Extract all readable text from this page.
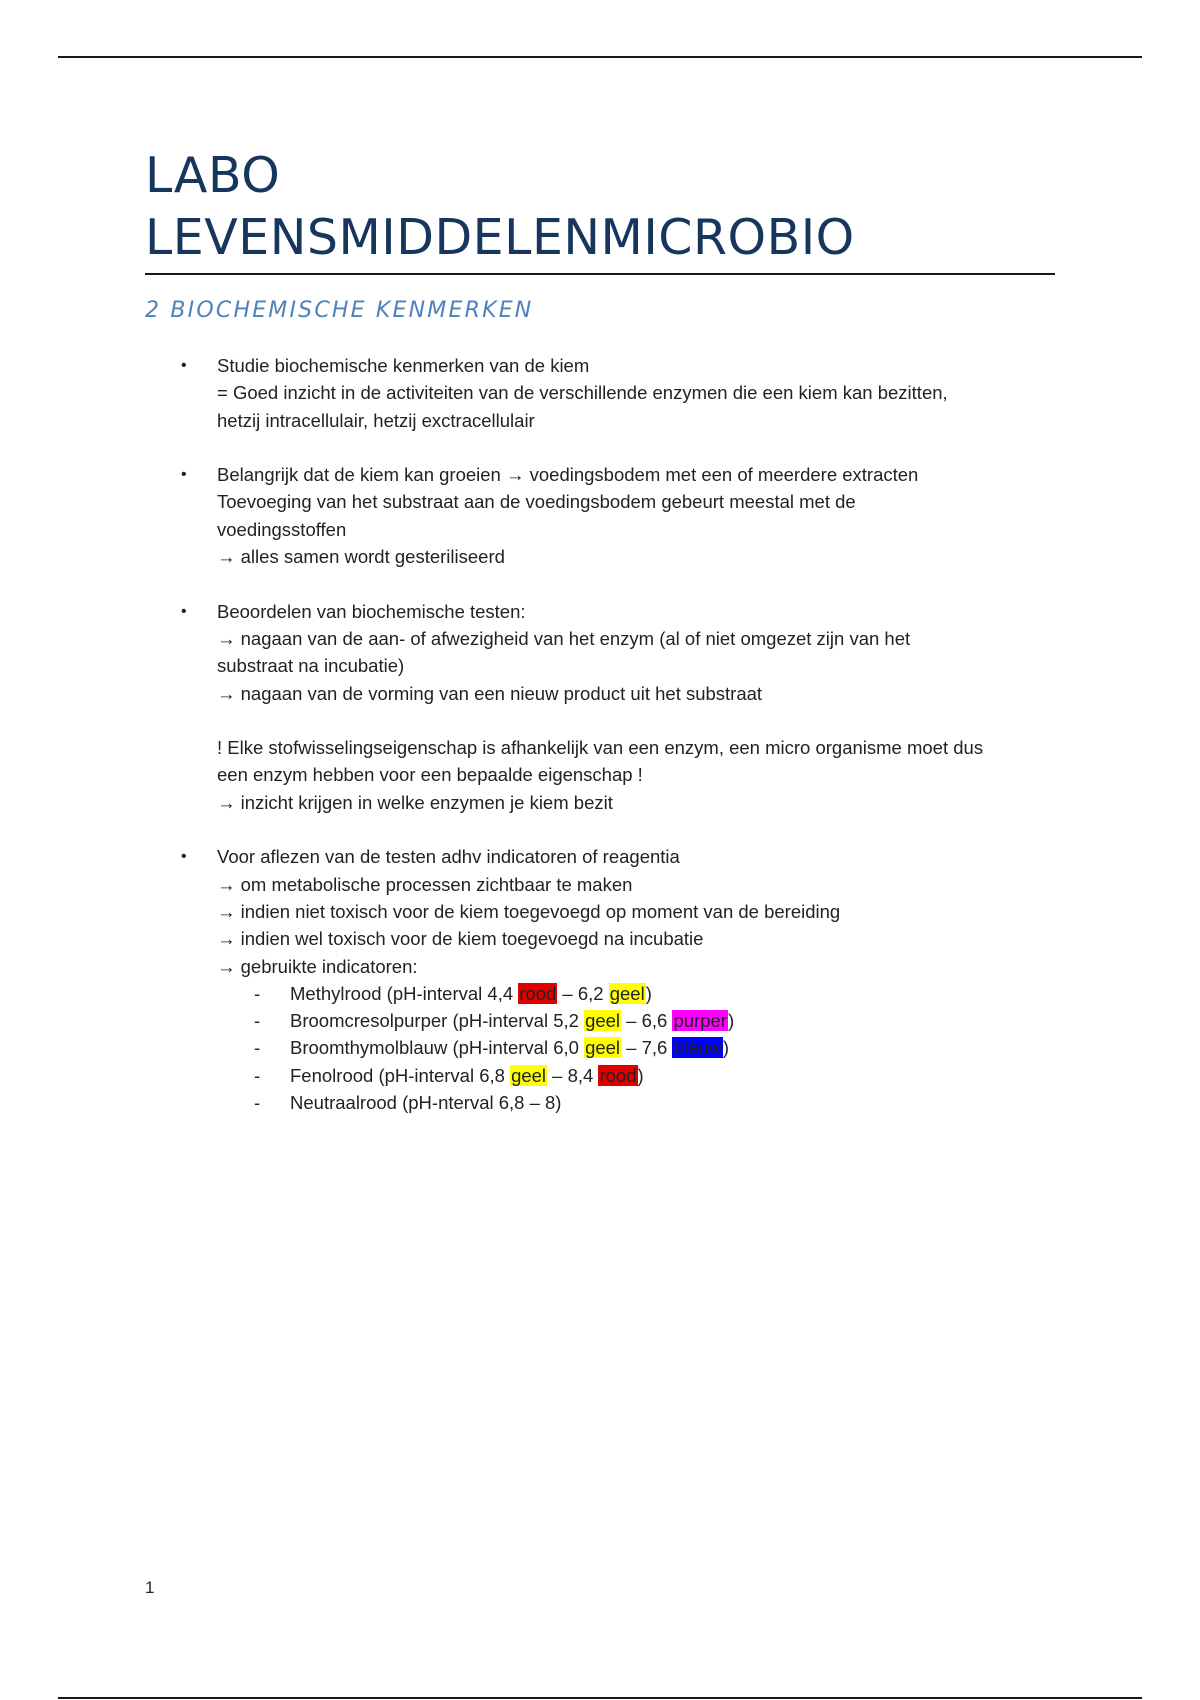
LABO
LEVENSMIDDELENMICROBIO
2 BIOCHEMISCHE KENMERKEN
• Studie biochemische kenmerken van de kiem
= Goed inzicht in de activiteiten van de verschillende enzymen die een kiem kan bezitten,
hetzij intracellulair, hetzij exctracellulair
• Belangrijk dat de kiem kan groeien → voedingsbodem met een of meerdere extracten
Toevoeging van het substraat aan de voedingsbodem gebeurt meestal met de
voedingsstoffen
→ alles samen wordt gesteriliseerd
• Beoordelen van biochemische testen:
→ nagaan van de aan- of afwezigheid van het enzym (al of niet omgezet zijn van het
substraat na incubatie)
→ nagaan van de vorming van een nieuw product uit het substraat
! Elke stofwisselingseigenschap is afhankelijk van een enzym, een micro organisme moet dus
een enzym hebben voor een bepaalde eigenschap !
→ inzicht krijgen in welke enzymen je kiem bezit
• Voor aflezen van de testen adhv indicatoren of reagentia
→ om metabolische processen zichtbaar te maken
→ indien niet toxisch voor de kiem toegevoegd op moment van de bereiding
→ indien wel toxisch voor de kiem toegevoegd na incubatie
→ gebruikte indicatoren:
- Methylrood (pH-interval 4,4 rood – 6,2 geel)
- Broomcresolpurper (pH-interval 5,2 geel – 6,6 purper)
- Broomthymolblauw (pH-interval 6,0 geel – 7,6 blauw)
- Fenolrood (pH-interval 6,8 geel – 8,4 rood)
- Neutraalrood (pH-nterval 6,8 – 8)
1
